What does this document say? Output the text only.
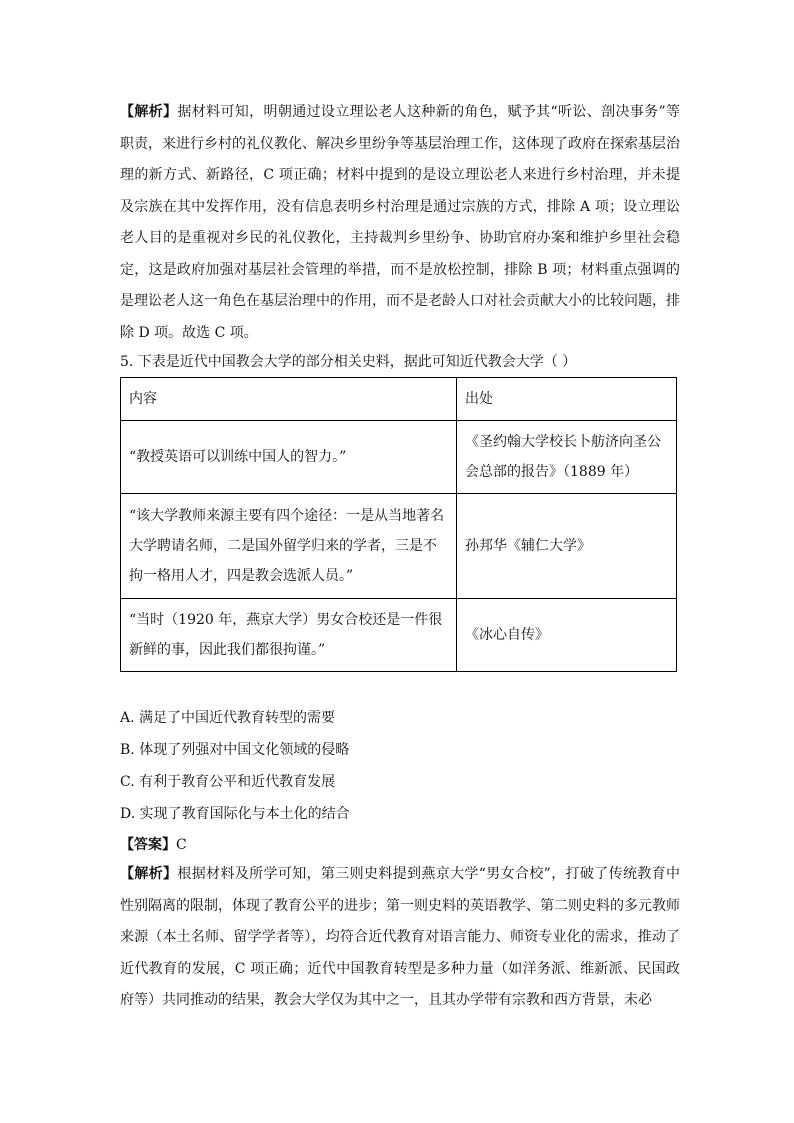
【解析】据材料可知，明朝通过设立理讼老人这种新的角色，赋予其“听讼、剖决事务”等职责，来进行乡村的礼仪教化、解决乡里纷争等基层治理工作，这体现了政府在探索基层治理的新方式、新路径，C 项正确；材料中提到的是设立理讼老人来进行乡村治理，并未提及宗族在其中发挥作用，没有信息表明乡村治理是通过宗族的方式，排除 A 项；设立理讼老人目的是重视对乡民的礼仪教化，主持裁判乡里纷争、协助官府办案和维护乡里社会稳定，这是政府加强对基层社会管理的举措，而不是放松控制，排除 B 项；材料重点强调的是理讼老人这一角色在基层治理中的作用，而不是老龄人口对社会贡献大小的比较问题，排除 D 项。故选 C 项。

5. 下表是近代中国教会大学的部分相关史料，据此可知近代教会大学（ ）
内容	出处
“教授英语可以训练中国人的智力。”	《圣约翰大学校长卜舫济向圣公会总部的报告》（1889 年）
“该大学教师来源主要有四个途径：一是从当地著名大学聘请名师，二是国外留学归来的学者，三是不拘一格用人才，四是教会选派人员。”	孙邦华《辅仁大学》
“当时（1920 年，燕京大学）男女合校还是一件很新鲜的事，因此我们都很拘谨。”	《冰心自传》
A. 满足了中国近代教育转型的需要
B. 体现了列强对中国文化领域的侵略
C. 有利于教育公平和近代教育发展
D. 实现了教育国际化与本土化的结合
【答案】C

【解析】根据材料及所学可知，第三则史料提到燕京大学“男女合校”，打破了传统教育中性别隔离的限制，体现了教育公平的进步；第一则史料的英语教学、第二则史料的多元教师来源（本土名师、留学学者等），均符合近代教育对语言能力、师资专业化的需求，推动了近代教育的发展，C 项正确；近代中国教育转型是多种力量（如洋务派、维新派、民国政府等）共同推动的结果，教会大学仅为其中之一，且其办学带有宗教和西方背景，未必
